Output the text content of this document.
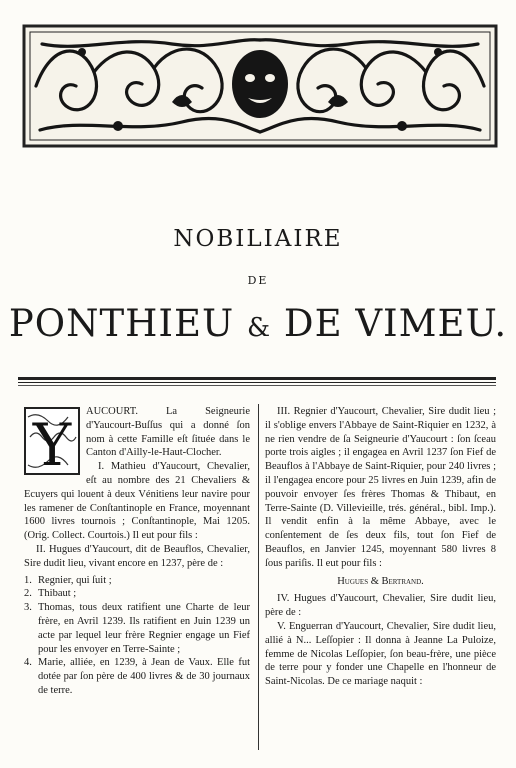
NOBILIAIRE
DE
PONTHIEU & DE VIMEU.
Y	AUCOURT. La Seigneurie d'Yaucourt-Buſſus qui a donné ſon nom à cette Famille eſt ſituée dans le Canton d'Ailly-le-Haut-Clocher.

I. Mathieu d'Yaucourt, Chevalier, eſt au nombre des 21 Chevaliers & Ecuyers qui louent à deux Vénitiens leur navire pour les ramener de Conſtantinople en France, moyennant 1600 livres tournois ; Conſtantinople, Mai 1205. (Orig. Collect. Courtois.) Il eut pour fils :

II. Hugues d'Yaucourt, dit de Beauflos, Chevalier, Sire dudit lieu, vivant encore en 1237, père de :

1. Regnier, qui ſuit ;
2. Thibaut ;
3. Thomas, tous deux ratifient une Charte de leur frère, en Avril 1239. Ils ratifient en Juin 1239 un acte par lequel leur frère Regnier engage un Fief pour les envoyer en Terre-Sainte ;
4. Marie, alliée, en 1239, à Jean de Vaux. Elle fut dotée par ſon père de 400 livres & de 30 journaux de terre.

III. Regnier d'Yaucourt, Chevalier, Sire dudit lieu ; il s'oblige envers l'Abbaye de Saint-Riquier en 1232, à ne rien vendre de ſa Seigneurie d'Yaucourt : ſon ſceau porte trois aigles ; il engagea en Avril 1237 ſon Fief de Beauflos à l'Abbaye de Saint-Riquier, pour 240 livres ; il l'engagea encore pour 25 livres en Juin 1239, afin de pouvoir envoyer ſes frères Thomas & Thibaut, en Terre-Sainte (D. Villevieille, trés. général., bibl. Imp.). Il vendit enfin à la même Abbaye, avec le conſentement de ſes deux fils, tout ſon Fief de Beauflos, en Janvier 1245, moyennant 580 livres 8 ſous pariſis. Il eut pour fils :

Hugues & Bertrand.

IV. Hugues d'Yaucourt, Chevalier, Sire dudit lieu, père de :

V. Enguerran d'Yaucourt, Chevalier, Sire dudit lieu, allié à N... Leſſopier : Il donna à Jeanne La Puloize, femme de Nicolas Leſſopier, ſon beau-frère, une pièce de terre pour y fonder une Chapelle en l'honneur de Saint-Nicolas. De ce mariage naquit :
